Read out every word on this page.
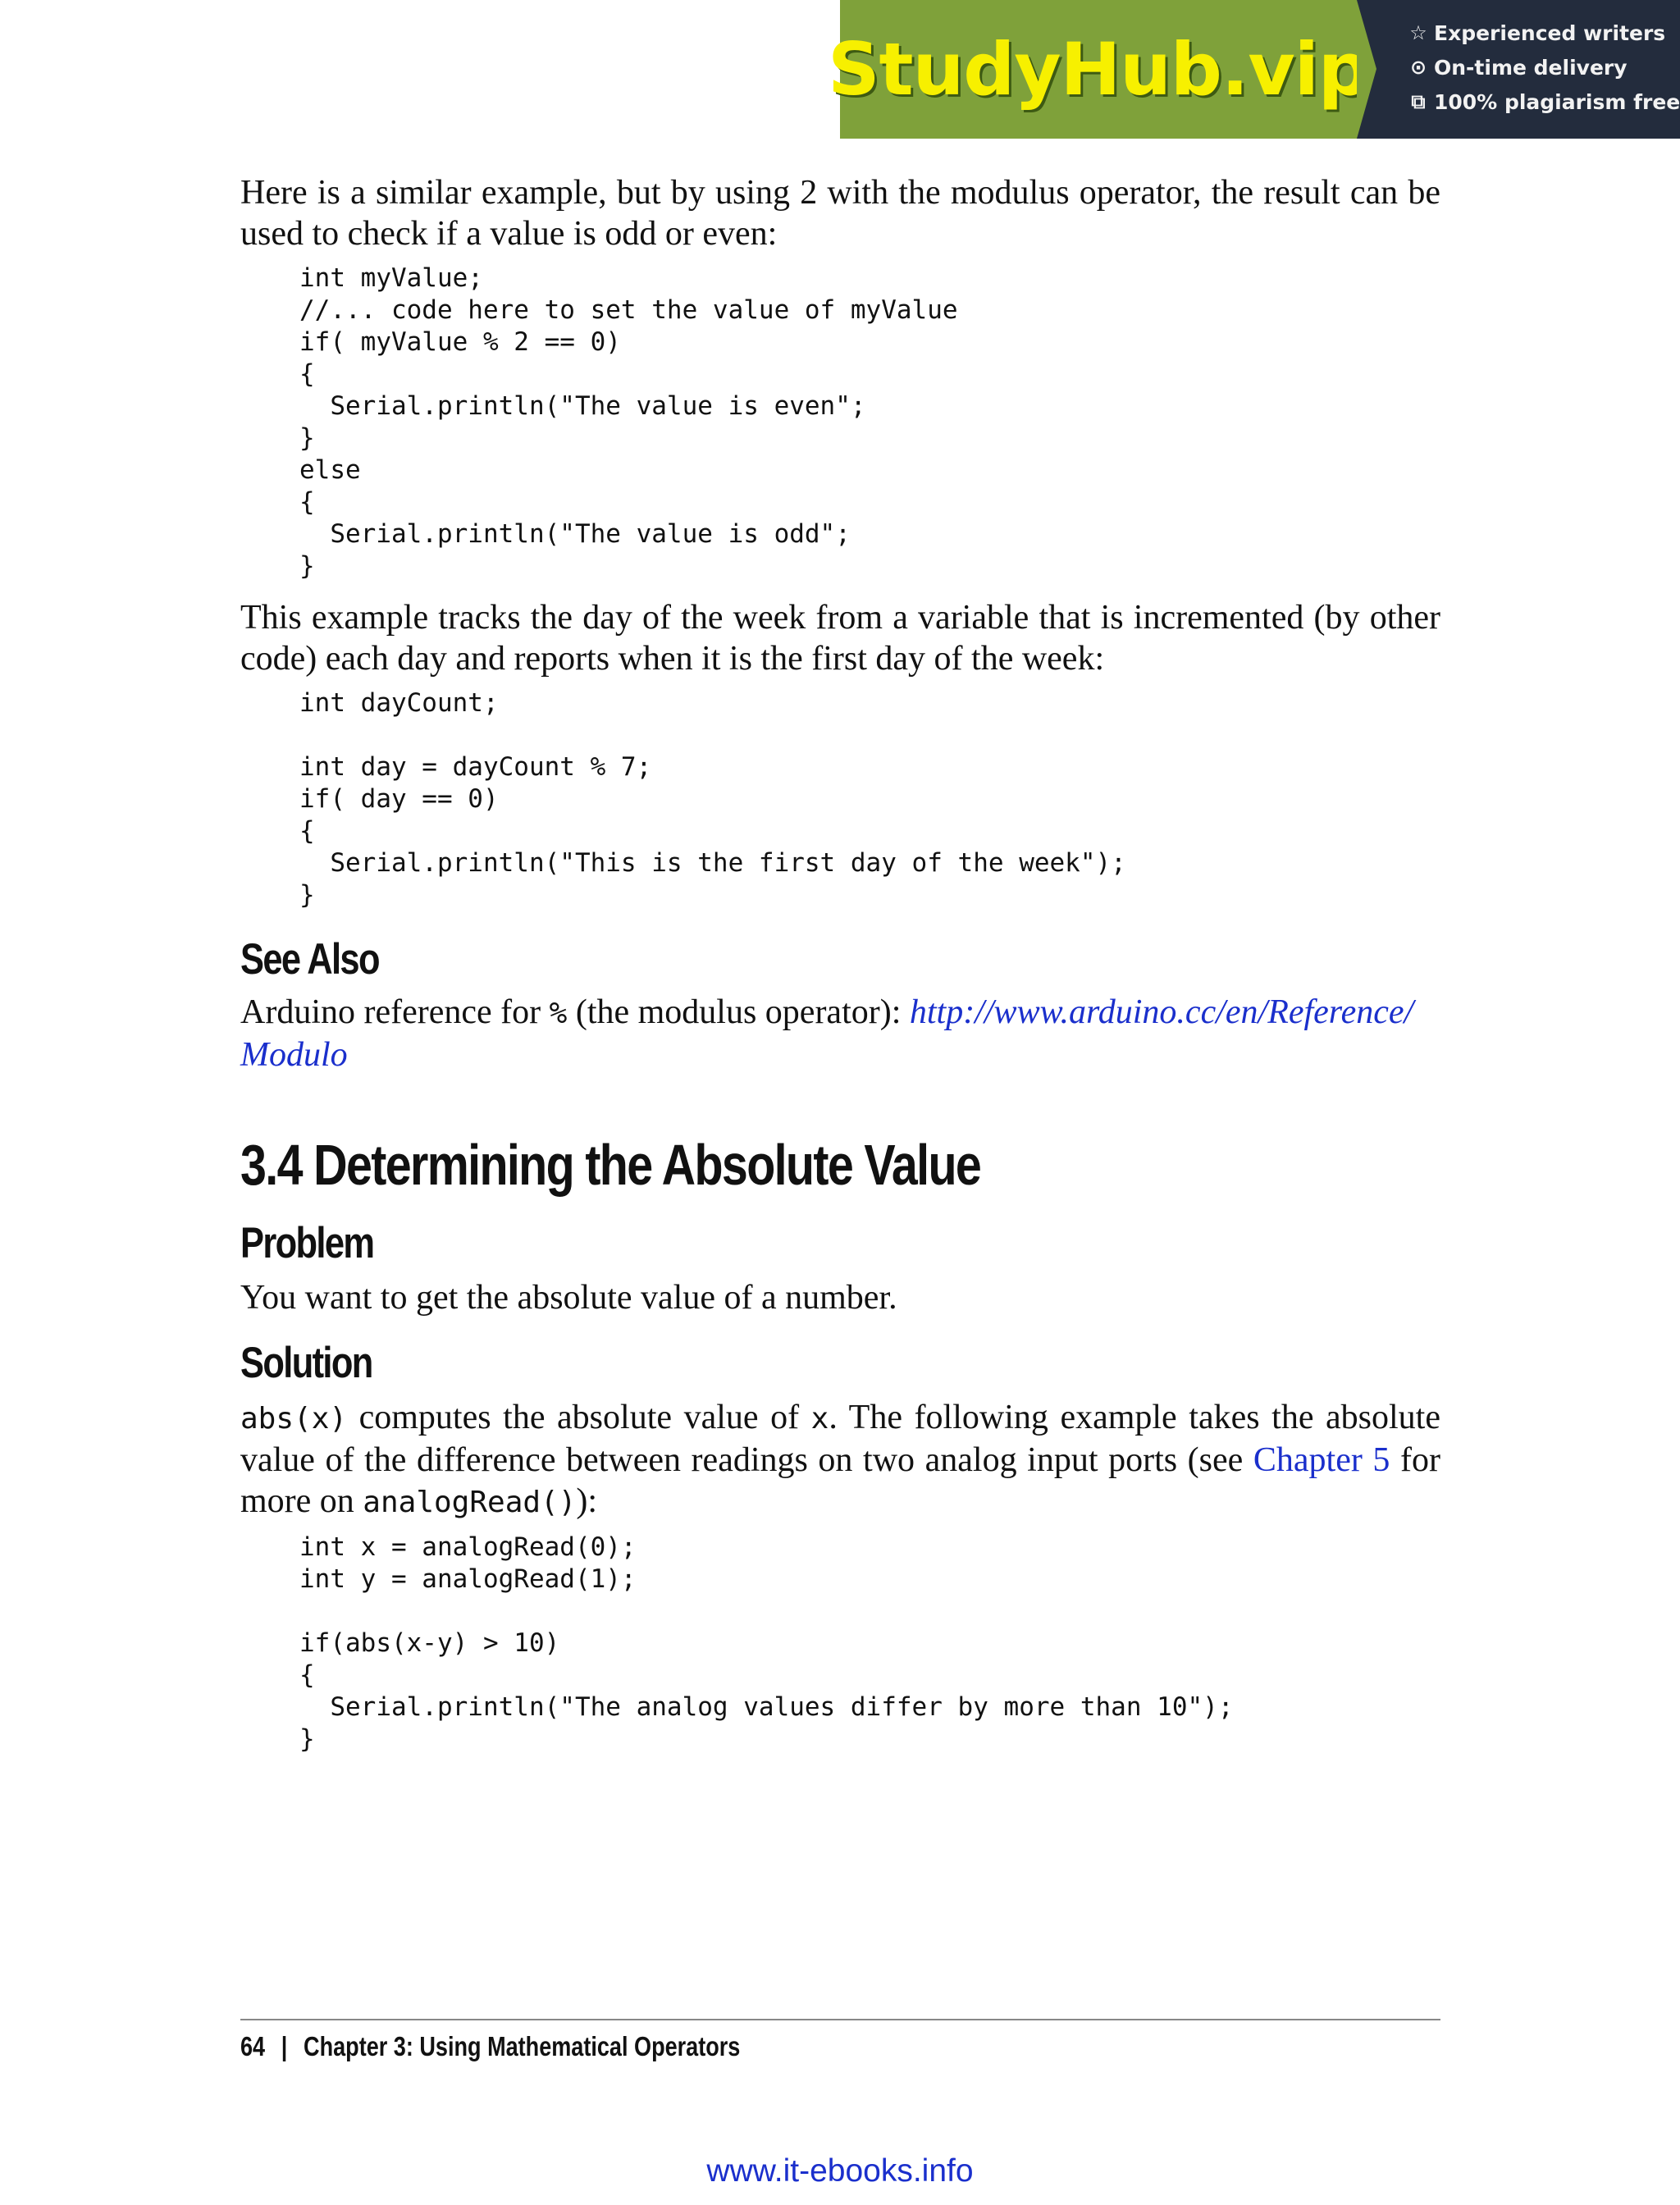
StudyHub.vip ☆ Experienced writers
⊙ On-time delivery
⧉ 100% plagiarism free

Here is a similar example, but by using 2 with the modulus operator, the result can be used to check if a value is odd or even:

int myValue;
//... code here to set the value of myValue
if( myValue % 2 == 0)
{
Serial.println("The value is even";
}
else
{
Serial.println("The value is odd";
}

This example tracks the day of the week from a variable that is incremented (by other code) each day and reports when it is the first day of the week:

int dayCount;

int day = dayCount % 7;
if( day == 0)
{
Serial.println("This is the first day of the week");
}
See Also

Arduino reference for % (the modulus operator): http://www.arduino.cc/en/Reference/Modulo

3.4 Determining the Absolute Value
Problem

You want to get the absolute value of a number.

Solution

abs(x) computes the absolute value of x. The following example takes the absolute value of the difference between readings on two analog input ports (see Chapter 5 for more on analogRead()):

int x = analogRead(0);
int y = analogRead(1);

if(abs(x-y) > 10)
{
Serial.println("The analog values differ by more than 10");
}
64 | Chapter 3: Using Mathematical Operators
www.it-ebooks.info
